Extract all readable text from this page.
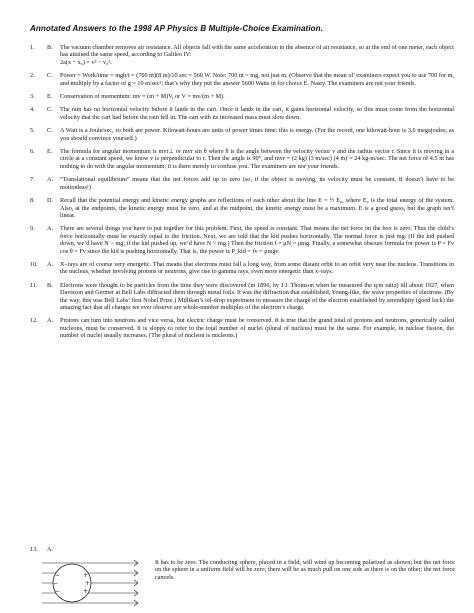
Annotated Answers to the 1998 AP Physics B Multiple-Choice Examination.
1.	B.	The vacuum chamber removes air resistance. All objects fall with the same acceleration in the absence of air resistance, so at the end of one meter, each object has attained the same speed, according to Galileo IV:
2a(x − x₀) = v² − v₀².
2.	C.	Power = Work/time = mgh/t = (700 nt)(8 m)/10 sec = 560 W. Note: 700 nt = mg, not just m. (Observe that the mean ol’ examiners expect you to use 700 for m, and multiply by a factor of g = 10 m/sec²; that’s why they put the answer 5600 Watts in for choice E. Nasty. The examiners are not your friends.
3.	E.	Conservation of momentum: mv = (m + M)V, or V = mv/(m + M).
4.	C.	The rain has no horizontal velocity before it lands in the cart. Once it lands in the cart, it gains horizontal velocity, so this must come from the horizontal velocity that the cart had before the rain fell in. The cart with its increased mass must slow down.
5.	C.	A Watt is a Joule/sec, so both are power. Kilowatt-hours are units of power times time; this is energy. (For the record, one kilowatt-hour is 3.6 megajoules, as you should convince yourself.)
6.	E.	The formula for angular momentum is mvr⊥ or mvr sin θ where θ is the angle between the velocity vector v and the radius vector r. Since it is moving in a circle at a constant speed, we know v is perpendicular to r. Then the angle is 90°, and mvr = (2 kg) (3 m/sec) (4 m) = 24 kg-m/sec. The net force of 4.5 nt has nothing to do with the angular momentum; it is there merely to confuse you. The examiners are nor your friends.
7.	A.	“Translational equilibrium” means that the net forces add up to zero (so, if the object is moving, its velocity must be constant. It doesn’t have to be motionless!)
8.	D.	Recall that the potential energy and kinetic energy graphs are reflections of each other about the line E = ½ E₀, where E₀ is the total energy of the system. Also, at the endpoints, the kinetic energy must be zero, and at the midpoint, the kinetic energy must be a maximum. E is a good guess, but the graph isn’t linear.
9.	A.	There are several things you have to put together for this problem. First, the speed is constant. That means the net force on the box is zero. Thus the child’s force horizontally must be exactly equal to the friction. Next, we are told that the kid pushes horizontally. The normal force is just mg. (If the kid pushed down, we’d have N > mg; if the kid pushed up, we’d have N < mg.) Then the friction f = μN = μmg. Finally, a somewhat obscure formula for power is P = Fv cos θ = Fv since the kid is pushing horizontally. That is, the power is P_kid = fv = μmgv.
10.	A.	X–rays are of course very energetic. That means that electrons must fall a long way, from some distant orbit to an orbit very near the nucleus. Transitions in the nucleus, whether involving protons or neutrons, give rise to gamma rays, even more energetic than x–rays.
11.	B.	Electrons were thought to be particles from the time they were discovered (in 1896, by J.J. Thomson when he measured the q/m ratio) till about 1927, when Davisson and Germer at Bell Labs diffracted them through metal foils. It was the diffraction that established, Young-like, the wave properties of electrons. (By the way, this was Bell Labs’ first Nobel Prize.) Millikan’s oil-drop experiment to measure the charge of the electron established by serendipity (good luck) the amazing fact that all charges we ever observe are whole-number multiples of the electron’s charge.
12.	A.	Protons can turn into neutrons and vice versa, but electric charge must be conserved. It is true that the grand total of protons and neutrons, generically called nucleons, must be conserved. It is sloppy to refer to the total number of nuclei (plural of nucleus) must be the same. For example, in nuclear fission, the number of nuclei usually increases. (The plural of nucleon is nucleons.)
13.	A.
−
−
−
+
+
+
It has to be zero. The conducting sphere, placed in a field, will wind up becoming polarized as shown; but the net force on the sphere in a uniform field will be zero; there will be as much pull on one side as there is on the other; the net force cancels.
